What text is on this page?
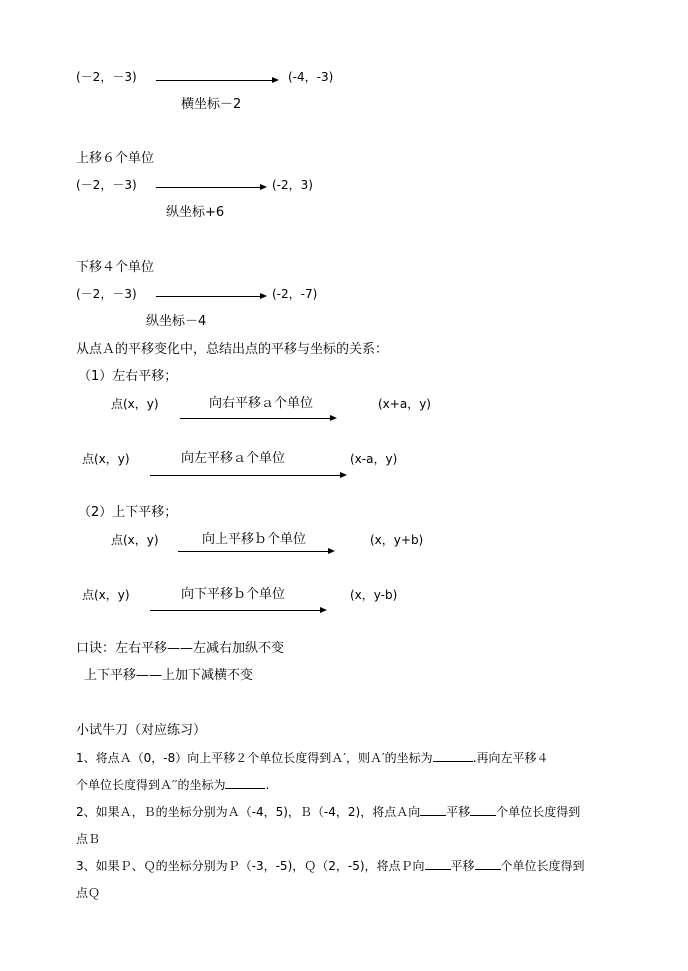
(－2，－3)	(-4，-3)
横坐标－2
上移６个单位
(－2，－3)	(-2，3)
纵坐标+6
下移４个单位
(－2，－3)	(-2，-7)
纵坐标－4
从点Ａ的平移变化中，总结出点的平移与坐标的关系：
（1）左右平移；
点(x，y)	向右平移ａ个单位	(x+a，y)
点(x，y)	向左平移ａ个单位	(x-a，y)
（2）上下平移；
点(x，y)	向上平移ｂ个单位	(x，y+b)
点(x，y)	向下平移ｂ个单位	(x，y-b)
口诀：左右平移——左减右加纵不变
上下平移——上加下减横不变
小试牛刀（对应练习）
1、将点Ａ（0，-8）向上平移２个单位长度得到Ａ′，则Ａ′的坐标为	.再向左平移４
个单位长度得到Ａ′′的坐标为	.
2、如果Ａ，Ｂ的坐标分别为Ａ（-4，5)，Ｂ（-4，2)，将点Ａ向 平移 个单位长度得到
点Ｂ
3、如果Ｐ、Ｑ的坐标分别为Ｐ（-3，-5)，Ｑ（2，-5)，将点Ｐ向 平移 个单位长度得到
点Ｑ
